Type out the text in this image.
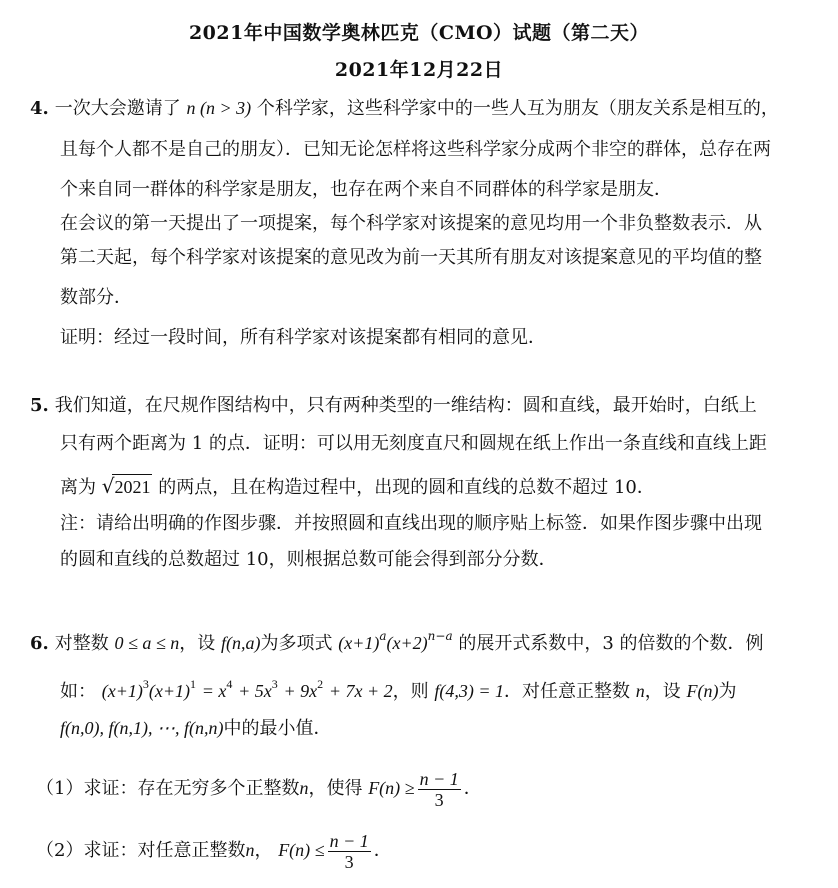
2021年中国数学奥林匹克（CMO）试题（第二天）
2021年12月22日
4. 一次大会邀请了 n (n > 3) 个科学家，这些科学家中的一些人互为朋友（朋友关系是相互的，
且每个人都不是自己的朋友）．已知无论怎样将这些科学家分成两个非空的群体，总存在两
个来自同一群体的科学家是朋友，也存在两个来自不同群体的科学家是朋友．
在会议的第一天提出了一项提案，每个科学家对该提案的意见均用一个非负整数表示．从
第二天起，每个科学家对该提案的意见改为前一天其所有朋友对该提案意见的平均值的整
数部分．
证明：经过一段时间，所有科学家对该提案都有相同的意见．
5. 我们知道，在尺规作图结构中，只有两种类型的一维结构：圆和直线，最开始时，白纸上
只有两个距离为 1 的点．证明：可以用无刻度直尺和圆规在纸上作出一条直线和直线上距
离为 √2021 的两点，且在构造过程中，出现的圆和直线的总数不超过 10．
注：请给出明确的作图步骤．并按照圆和直线出现的顺序贴上标签．如果作图步骤中出现
的圆和直线的总数超过 10，则根据总数可能会得到部分分数．
6. 对整数 0 ≤ a ≤ n，设 f(n,a)为多项式 $(x+1)^a(x+2)^{n-a}$ 的展开式系数中，3 的倍数的个数．例
如： $(x+1)^3(x+1)^1 = x^4 + 5x^3 + 9x^2 + 7x + 2$，则 f(4,3) = 1．对任意正整数 n，设 F(n)为
f(n,0), f(n,1), ⋯, f(n,n)中的最小值．
（1）求证：存在无穷多个正整数n，使得 $F(n) \ge \frac{n - 1}{3}$ ．
（2）求证：对任意正整数n， $F(n) \le \frac{n - 1}{3}$ ．
